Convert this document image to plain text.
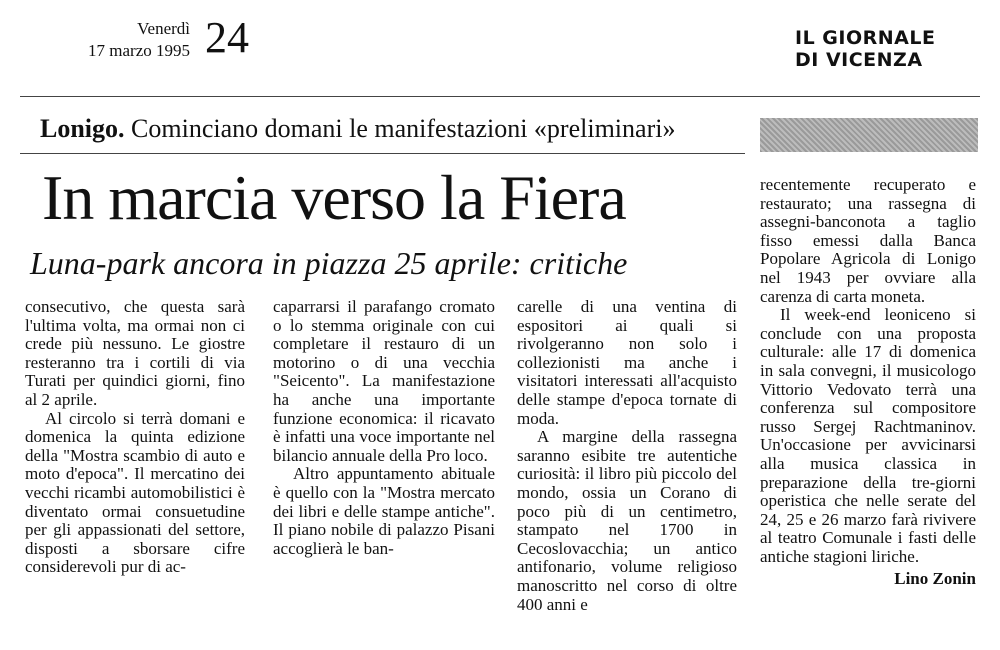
Venerdì
17 marzo 1995 24	IL GIORNALE
DI VICENZA
Lonigo. Cominciano domani le manifestazioni «preliminari»
In marcia verso la Fiera
Luna-park ancora in piazza 25 aprile: critiche

consecutivo, che questa sarà l'ultima volta, ma ormai non ci crede più nessuno. Le giostre resteranno tra i cortili di via Turati per quindici giorni, fino al 2 aprile.

Al circolo si terrà domani e domenica la quinta edizione della "Mostra scambio di auto e moto d'epoca". Il mercatino dei vecchi ricambi automobilistici è diventato ormai consuetudine per gli appassionati del settore, disposti a sborsare cifre considerevoli pur di ac-

caparrarsi il parafango cromato o lo stemma originale con cui completare il restauro di un motorino o di una vecchia "Seicento". La manifestazione ha anche una importante funzione economica: il ricavato è infatti una voce importante nel bilancio annuale della Pro loco.

Altro appuntamento abituale è quello con la "Mostra mercato dei libri e delle stampe antiche". Il piano nobile di palazzo Pisani accoglierà le ban-

carelle di una ventina di espositori ai quali si rivolgeranno non solo i collezionisti ma anche i visitatori interessati all'acquisto delle stampe d'epoca tornate di moda.

A margine della rassegna saranno esibite tre autentiche curiosità: il libro più piccolo del mondo, ossia un Corano di poco più di un centimetro, stampato nel 1700 in Cecoslovacchia; un antico antifonario, volume religioso manoscritto nel corso di oltre 400 anni e

recentemente recuperato e restaurato; una rassegna di assegni-banconota a taglio fisso emessi dalla Banca Popolare Agricola di Lonigo nel 1943 per ovviare alla carenza di carta moneta.

Il week-end leoniceno si conclude con una proposta culturale: alle 17 di domenica in sala convegni, il musicologo Vittorio Vedovato terrà una conferenza sul compositore russo Sergej Rachtmaninov. Un'occasione per avvicinarsi alla musica classica in preparazione della tre-giorni operistica che nelle serate del 24, 25 e 26 marzo farà rivivere al teatro Comunale i fasti delle antiche stagioni liriche.

Lino Zonin
